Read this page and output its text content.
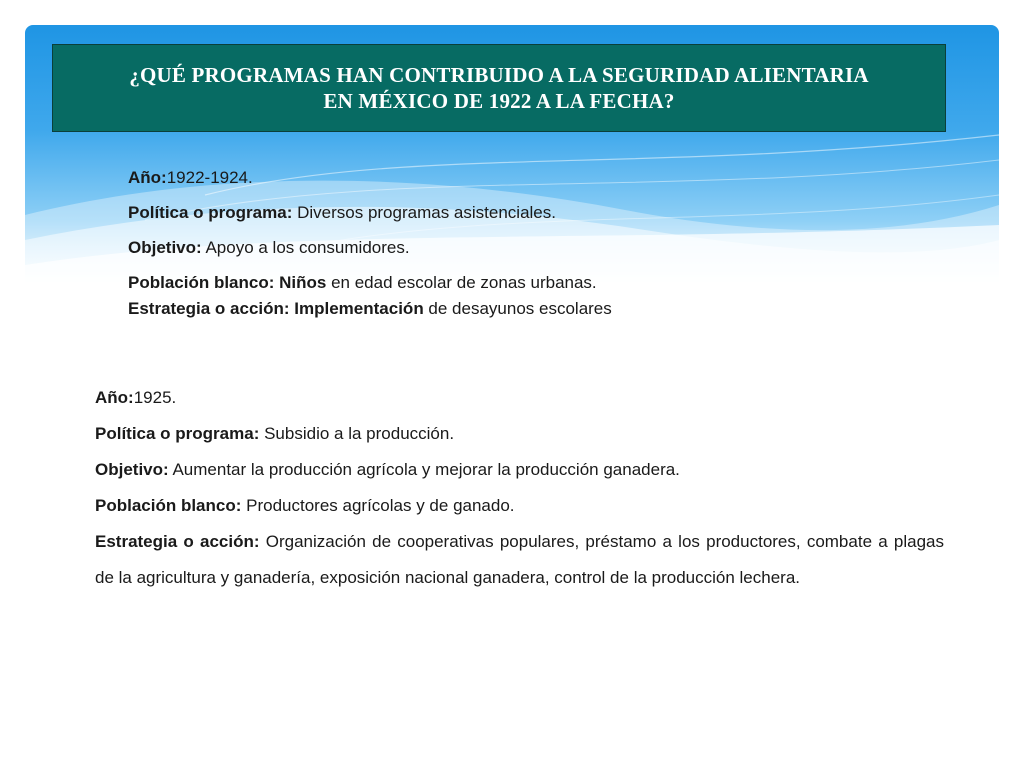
¿QUÉ PROGRAMAS HAN CONTRIBUIDO A LA SEGURIDAD ALIENTARIA
EN MÉXICO DE 1922 A LA FECHA?

Año:1922-1924.

Política o programa: Diversos programas asistenciales.

Objetivo: Apoyo a los consumidores.

Población blanco: Niños en edad escolar de zonas urbanas.

Estrategia o acción: Implementación de desayunos escolares

Año:1925.

Política o programa: Subsidio a la producción.

Objetivo: Aumentar la producción agrícola y mejorar la producción ganadera.

Población blanco: Productores agrícolas y de ganado.

Estrategia o acción: Organización de cooperativas populares, préstamo a los productores, combate a plagas de la agricultura y ganadería, exposición nacional ganadera, control de la producción lechera.
